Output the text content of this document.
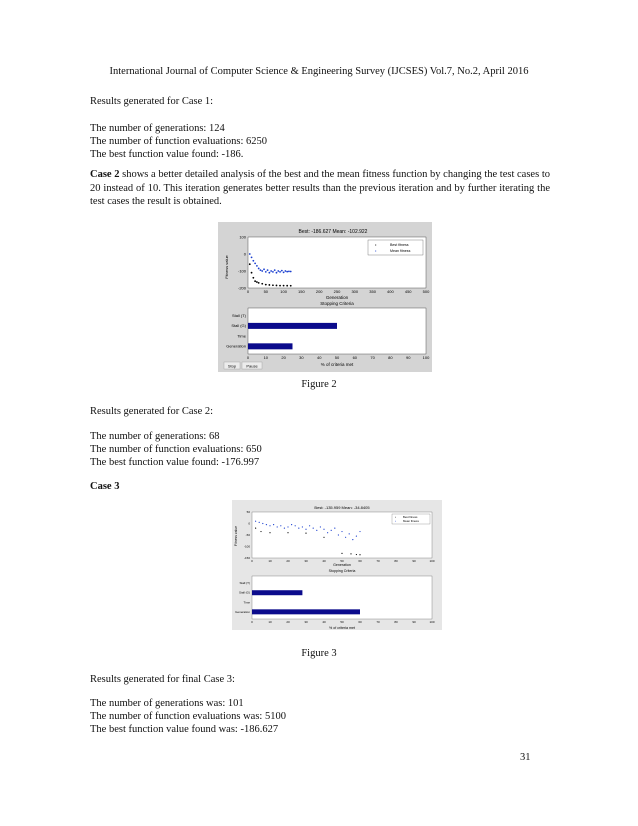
International Journal of Computer Science & Engineering Survey (IJCSES) Vol.7, No.2, April 2016
Results generated for Case 1:
The number of generations: 124
The number of function evaluations: 6250
The best function value found: -186.
Case 2 shows a better detailed analysis of the best and the mean fitness function by changing the test cases to 20 instead of 10. This iteration generates better results than the previous iteration and by further iterating the test cases the result is obtained.
Best: -186.627 Mean: -102.922
Fitness value
100
0
-100
-200
0	50	100	150	200	250	300	350	400	450	500
•	Best fitness
•	Mean fitness
Generation
Stopping Criteria
Stall (T)
Stall (G)
Time
Generation
0	10	20	30	40	50	60	70	80	90	100
% of criteria met
Stop	Pause
Figure 2
Results generated for Case 2:
The number of generations: 68
The number of function evaluations: 650
The best function value found: -176.997
Case 3
Best: -135.959 Mean: -34.8405
Fitness value
50
0
-50
-100
-150
0	10	20	30	40	50	60	70	80	90	100
• Best fitness
• Mean fitness
Generation
Stopping Criteria
Stall (T)
Stall (G)
Time
Generation
0	10	20	30	40	50	60	70	80	90	100
% of criteria met
Figure 3
Results generated for final Case 3:
The number of generations was: 101
The number of function evaluations was: 5100
The best function value found was: -186.627
31
